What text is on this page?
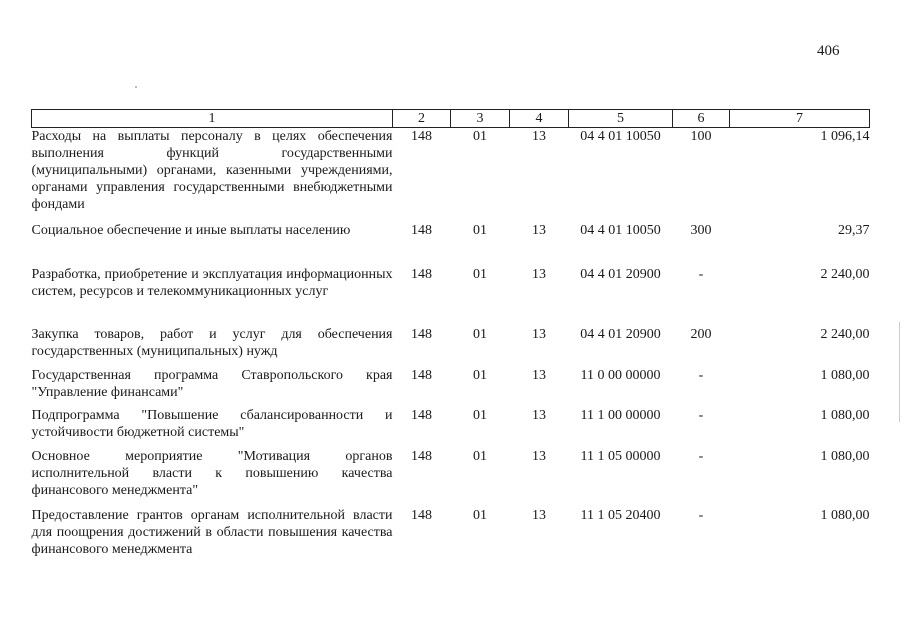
406
1	2	3	4	5	6	7
Расходы на выплаты персоналу в целях обеспечения выполнения функций государственными (муниципальными) органами, казенными учреждениями, органами управления государственными внебюджетными фондами	148	01	13	04 4 01 10050	100	1 096,14
Социальное обеспечение и иные выплаты населению	148	01	13	04 4 01 10050	300	29,37
Разработка, приобретение и эксплуатация информационных систем, ресурсов и телекоммуникационных услуг	148	01	13	04 4 01 20900	-	2 240,00
Закупка товаров, работ и услуг для обеспечения государственных (муниципальных) нужд	148	01	13	04 4 01 20900	200	2 240,00
Государственная программа Ставропольского края "Управление финансами"	148	01	13	11 0 00 00000	-	1 080,00
Подпрограмма "Повышение сбалансированности и устойчивости бюджетной системы"	148	01	13	11 1 00 00000	-	1 080,00
Основное мероприятие "Мотивация органов исполнительной власти к повышению качества финансового менеджмента"	148	01	13	11 1 05 00000	-	1 080,00
Предоставление грантов органам исполнительной власти для поощрения достижений в области повышения качества финансового менеджмента	148	01	13	11 1 05 20400	-	1 080,00
